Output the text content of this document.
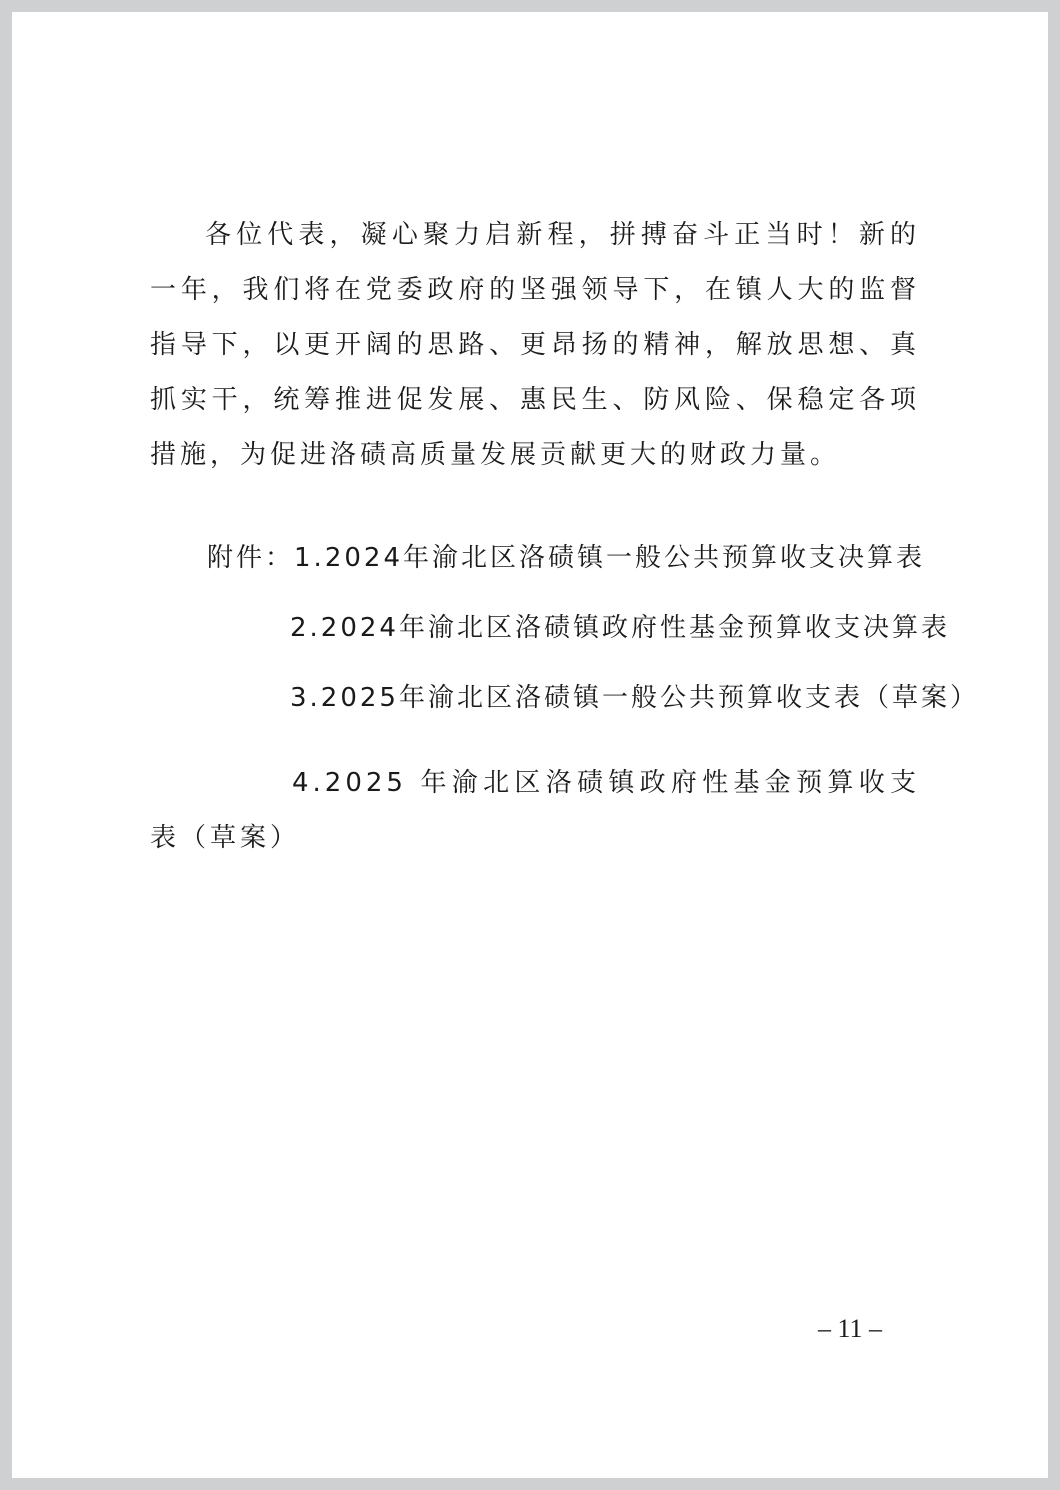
各位代表，凝心聚力启新程，拼搏奋斗正当时！新的一年，我们将在党委政府的坚强领导下，在镇人大的监督指导下，以更开阔的思路、更昂扬的精神，解放思想、真抓实干，统筹推进促发展、惠民生、防风险、保稳定各项措施，为促进洛碛高质量发展贡献更大的财政力量。

附件：1.2024年渝北区洛碛镇一般公共预算收支决算表
2.2024年渝北区洛碛镇政府性基金预算收支决算表
3.2025年渝北区洛碛镇一般公共预算收支表（草案）

4.2025 年渝北区洛碛镇政府性基金预算收支表（草案）

– 11 –
